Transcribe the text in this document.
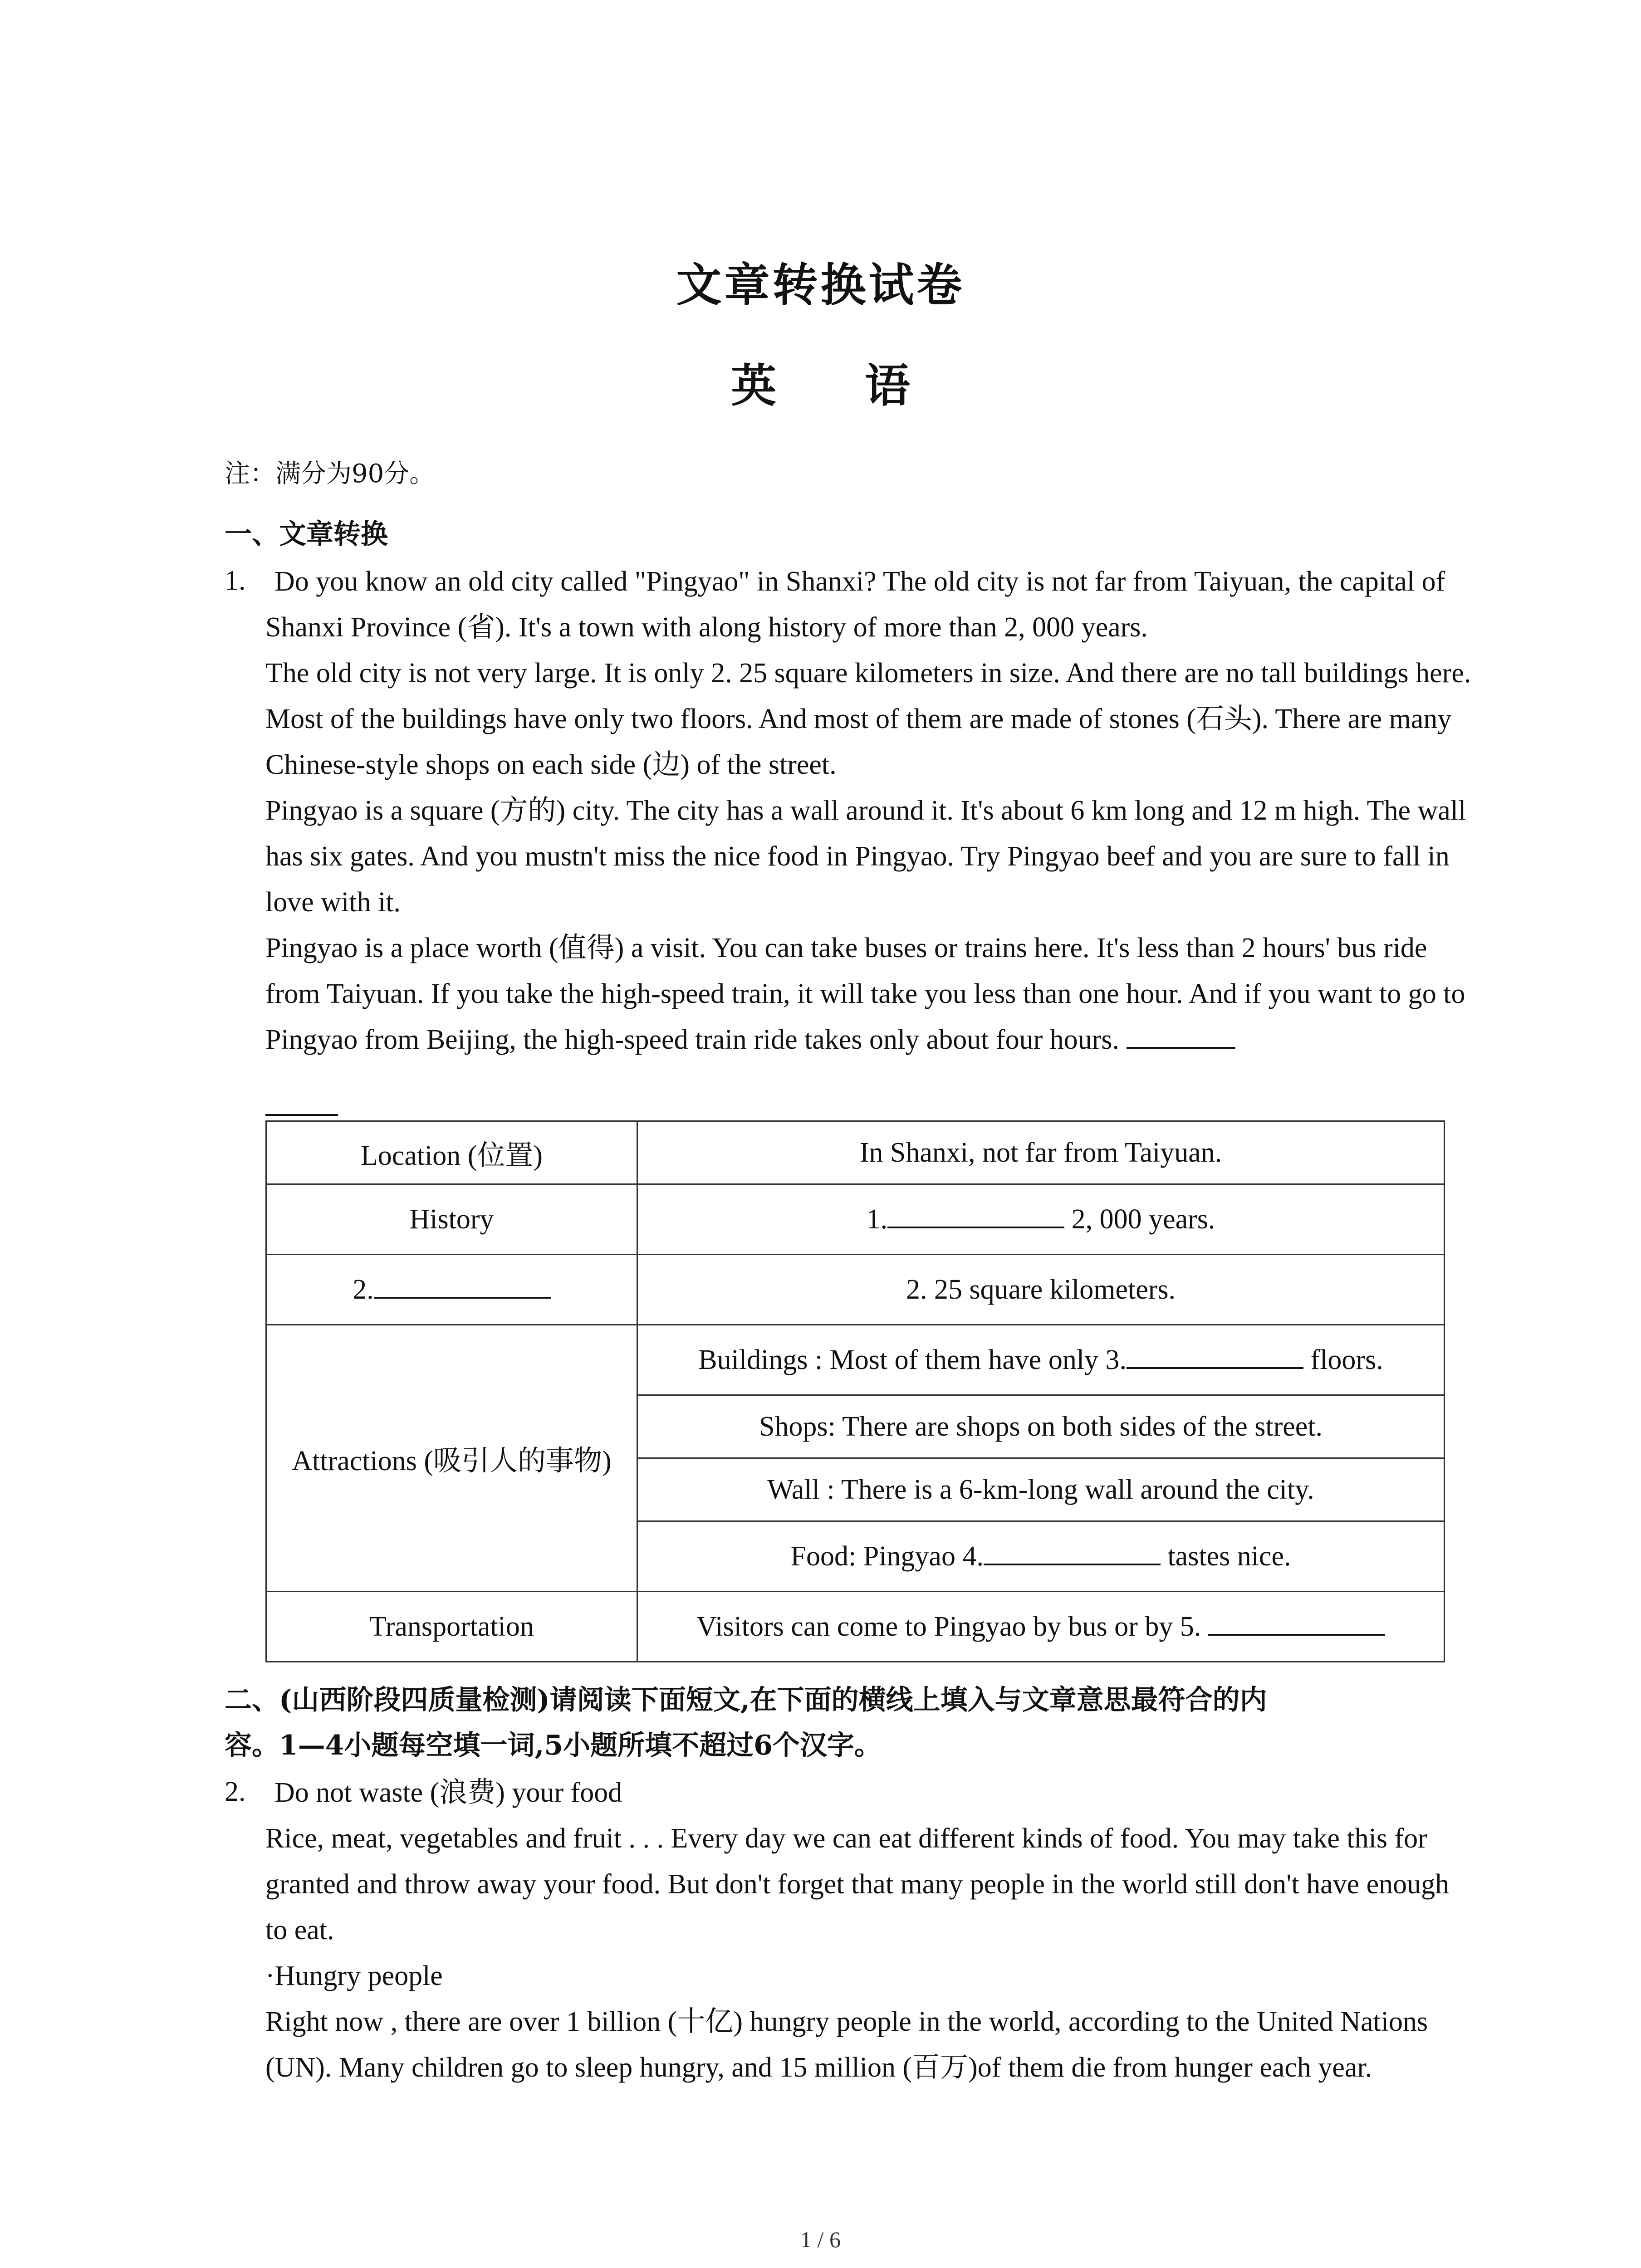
文章转换试卷
英 语
注：满分为90分。
一、文章转换
1.	Do you know an old city called "Pingyao" in Shanxi? The old city is not far from Taiyuan, the capital of Shanxi Province (省). It's a town with along history of more than 2, 000 years.

The old city is not very large. It is only 2. 25 square kilometers in size. And there are no tall buildings here. Most of the buildings have only two floors. And most of them are made of stones (石头). There are many Chinese-style shops on each side (边) of the street.

Pingyao is a square (方的) city. The city has a wall around it. It's about 6 km long and 12 m high. The wall has six gates. And you mustn't miss the nice food in Pingyao. Try Pingyao beef and you are sure to fall in love with it.

Pingyao is a place worth (值得) a visit. You can take buses or trains here. It's less than 2 hours' bus ride from Taiyuan. If you take the high-speed train, it will take you less than one hour. And if you want to go to Pingyao from Beijing, the high-speed train ride takes only about four hours.

Location (位置)	In Shanxi, not far from Taiyuan.
History	1. 2, 000 years.
2.	2. 25 square kilometers.
Attractions (吸引人的事物)	Buildings : Most of them have only 3. floors.
	Shops: There are shops on both sides of the street.
	Wall : There is a 6-km-long wall around the city.
	Food: Pingyao 4. tastes nice.
Transportation	Visitors can come to Pingyao by bus or by 5.
二、(山西阶段四质量检测)请阅读下面短文,在下面的横线上填入与文章意思最符合的内
容。1—4小题每空填一词,5小题所填不超过6个汉字。
2.	Do not waste (浪费) your food

Rice, meat, vegetables and fruit . . . Every day we can eat different kinds of food. You may take this for granted and throw away your food. But don't forget that many people in the world still don't have enough to eat.

·Hungry people

Right now , there are over 1 billion (十亿) hungry people in the world, according to the United Nations (UN). Many children go to sleep hungry, and 15 million (百万)of them die from hunger each year.

1 / 6
